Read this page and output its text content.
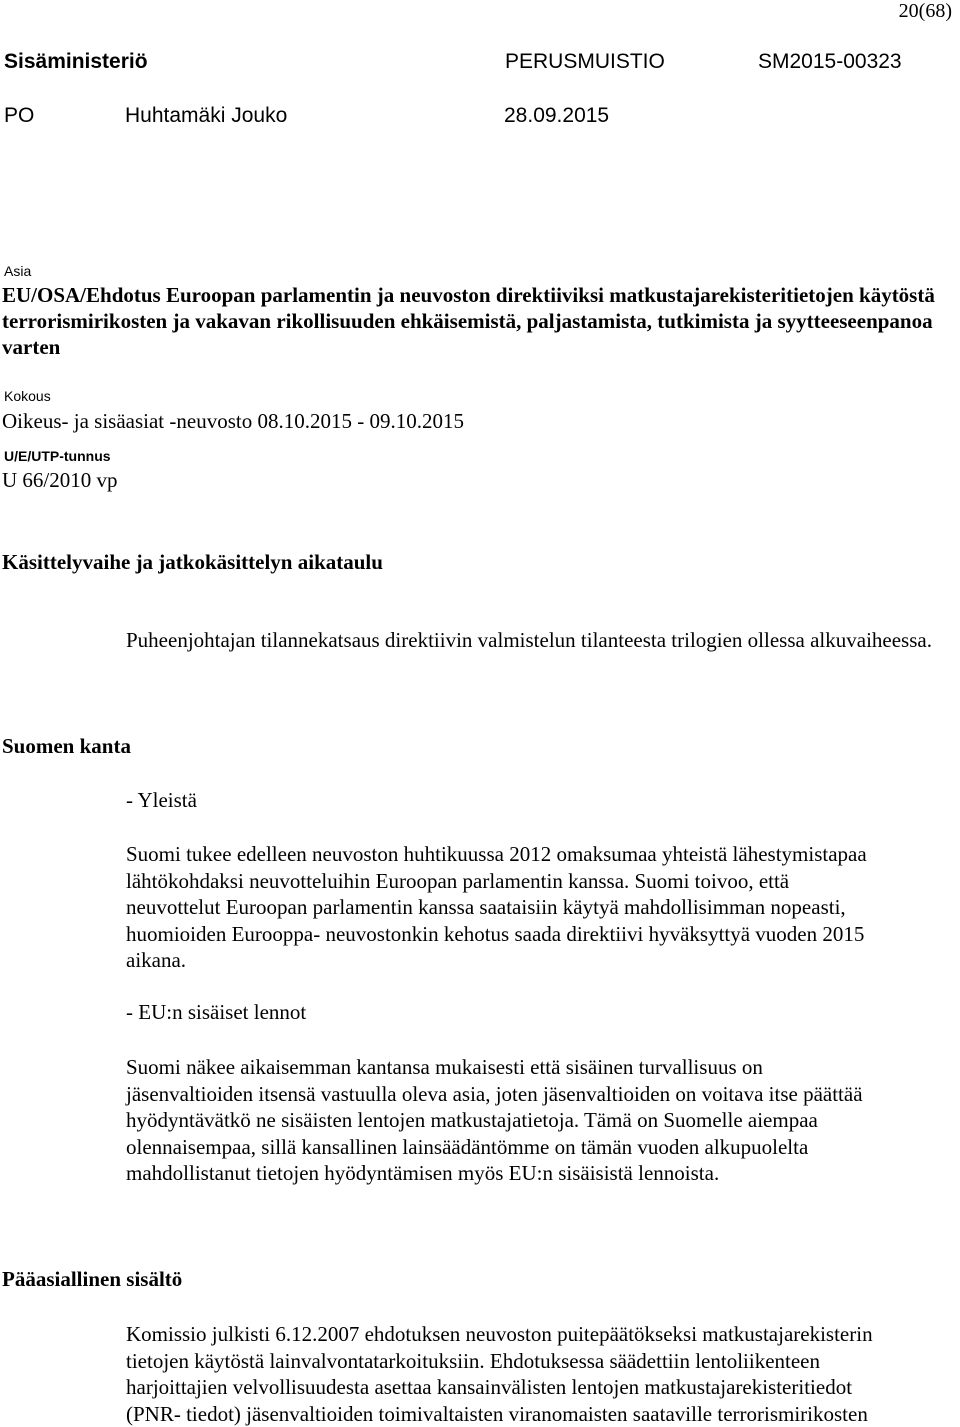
20(68)
Sisäministeriö	PERUSMUISTIO	SM2015-00323
PO	Huhtamäki Jouko	28.09.2015
Asia
EU/OSA/Ehdotus Euroopan parlamentin ja neuvoston direktiiviksi matkustajarekisteritietojen käytöstä terrorismirikosten ja vakavan rikollisuuden ehkäisemistä, paljastamista, tutkimista ja syytteeseenpanoa varten
Kokous
Oikeus- ja sisäasiat -neuvosto 08.10.2015 - 09.10.2015
U/E/UTP-tunnus
U 66/2010 vp
Käsittelyvaihe ja jatkokäsittelyn aikataulu
Puheenjohtajan tilannekatsaus direktiivin valmistelun tilanteesta trilogien ollessa alkuvaiheessa.
Suomen kanta
- Yleistä
Suomi tukee edelleen neuvoston huhtikuussa 2012 omaksumaa yhteistä lähestymistapaa
lähtökohdaksi neuvotteluihin Euroopan parlamentin kanssa. Suomi toivoo, että
neuvottelut Euroopan parlamentin kanssa saataisiin käytyä mahdollisimman nopeasti,
huomioiden Eurooppa- neuvostonkin kehotus saada direktiivi hyväksyttyä vuoden 2015
aikana.
- EU:n sisäiset lennot
Suomi näkee aikaisemman kantansa mukaisesti että sisäinen turvallisuus on
jäsenvaltioiden itsensä vastuulla oleva asia, joten jäsenvaltioiden on voitava itse päättää
hyödyntävätkö ne sisäisten lentojen matkustajatietoja. Tämä on Suomelle aiempaa
olennaisempaa, sillä kansallinen lainsäädäntömme on tämän vuoden alkupuolelta
mahdollistanut tietojen hyödyntämisen myös EU:n sisäisistä lennoista.
Pääasiallinen sisältö
Komissio julkisti 6.12.2007 ehdotuksen neuvoston puitepäätökseksi matkustajarekisterin
tietojen käytöstä lainvalvontatarkoituksiin. Ehdotuksessa säädettiin lentoliikenteen
harjoittajien velvollisuudesta asettaa kansainvälisten lentojen matkustajarekisteritiedot
(PNR- tiedot) jäsenvaltioiden toimivaltaisten viranomaisten saataville terrorismirikosten
